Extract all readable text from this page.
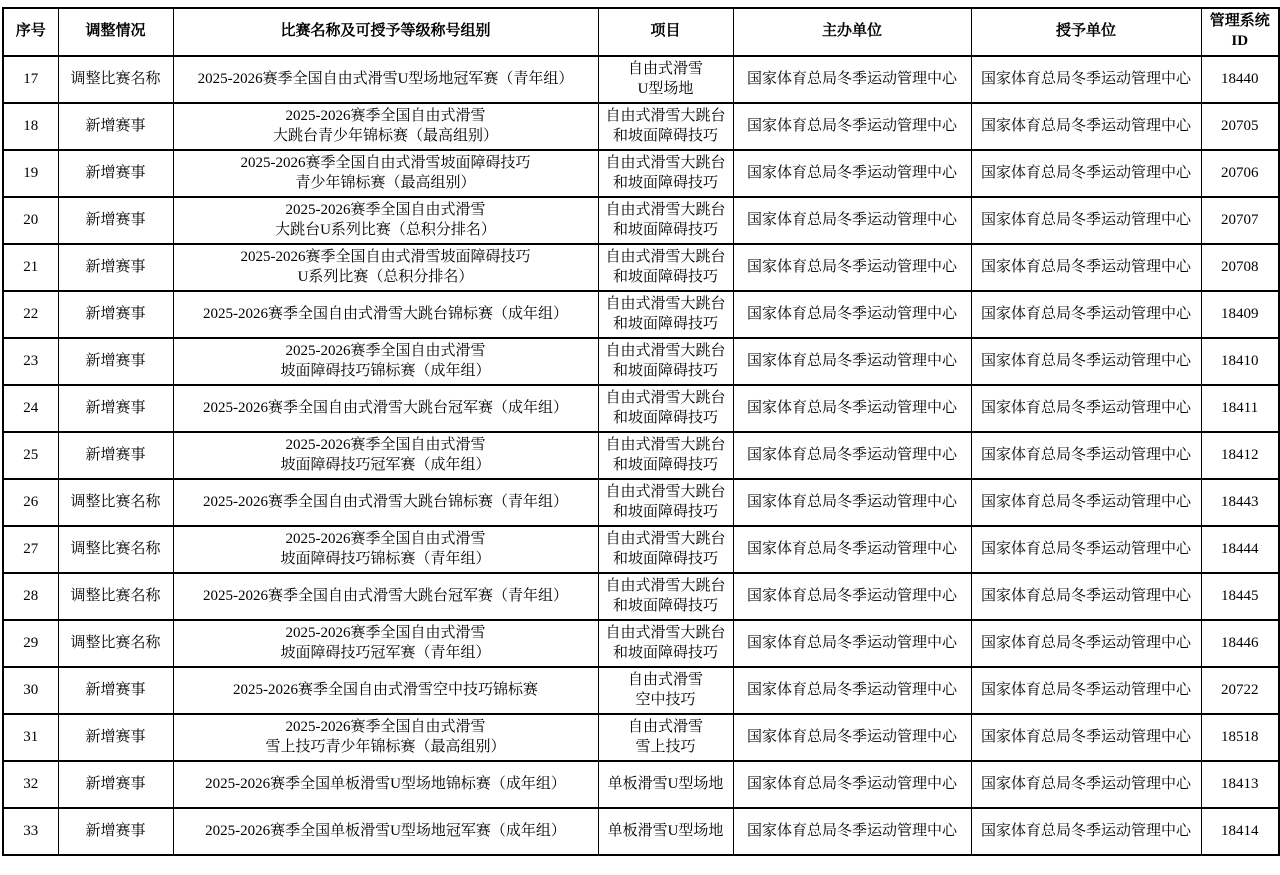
序号	调整情况	比赛名称及可授予等级称号组别	项目	主办单位	授予单位	管理系统
ID

17	调整比赛名称	2025-2026赛季全国自由式滑雪U型场地冠军赛（青年组）	自由式滑雪
U型场地	国家体育总局冬季运动管理中心	国家体育总局冬季运动管理中心	18440

18	新增赛事	2025-2026赛季全国自由式滑雪
大跳台青少年锦标赛（最高组别）	自由式滑雪大跳台
和坡面障碍技巧	国家体育总局冬季运动管理中心	国家体育总局冬季运动管理中心	20705

19	新增赛事	2025-2026赛季全国自由式滑雪坡面障碍技巧
青少年锦标赛（最高组别）	自由式滑雪大跳台
和坡面障碍技巧	国家体育总局冬季运动管理中心	国家体育总局冬季运动管理中心	20706

20	新增赛事	2025-2026赛季全国自由式滑雪
大跳台U系列比赛（总积分排名）	自由式滑雪大跳台
和坡面障碍技巧	国家体育总局冬季运动管理中心	国家体育总局冬季运动管理中心	20707

21	新增赛事	2025-2026赛季全国自由式滑雪坡面障碍技巧
U系列比赛（总积分排名）	自由式滑雪大跳台
和坡面障碍技巧	国家体育总局冬季运动管理中心	国家体育总局冬季运动管理中心	20708

22	新增赛事	2025-2026赛季全国自由式滑雪大跳台锦标赛（成年组）	自由式滑雪大跳台
和坡面障碍技巧	国家体育总局冬季运动管理中心	国家体育总局冬季运动管理中心	18409

23	新增赛事	2025-2026赛季全国自由式滑雪
坡面障碍技巧锦标赛（成年组）	自由式滑雪大跳台
和坡面障碍技巧	国家体育总局冬季运动管理中心	国家体育总局冬季运动管理中心	18410

24	新增赛事	2025-2026赛季全国自由式滑雪大跳台冠军赛（成年组）	自由式滑雪大跳台
和坡面障碍技巧	国家体育总局冬季运动管理中心	国家体育总局冬季运动管理中心	18411

25	新增赛事	2025-2026赛季全国自由式滑雪
坡面障碍技巧冠军赛（成年组）	自由式滑雪大跳台
和坡面障碍技巧	国家体育总局冬季运动管理中心	国家体育总局冬季运动管理中心	18412

26	调整比赛名称	2025-2026赛季全国自由式滑雪大跳台锦标赛（青年组）	自由式滑雪大跳台
和坡面障碍技巧	国家体育总局冬季运动管理中心	国家体育总局冬季运动管理中心	18443

27	调整比赛名称	2025-2026赛季全国自由式滑雪
坡面障碍技巧锦标赛（青年组）	自由式滑雪大跳台
和坡面障碍技巧	国家体育总局冬季运动管理中心	国家体育总局冬季运动管理中心	18444

28	调整比赛名称	2025-2026赛季全国自由式滑雪大跳台冠军赛（青年组）	自由式滑雪大跳台
和坡面障碍技巧	国家体育总局冬季运动管理中心	国家体育总局冬季运动管理中心	18445

29	调整比赛名称	2025-2026赛季全国自由式滑雪
坡面障碍技巧冠军赛（青年组）	自由式滑雪大跳台
和坡面障碍技巧	国家体育总局冬季运动管理中心	国家体育总局冬季运动管理中心	18446

30	新增赛事	2025-2026赛季全国自由式滑雪空中技巧锦标赛	自由式滑雪
空中技巧	国家体育总局冬季运动管理中心	国家体育总局冬季运动管理中心	20722

31	新增赛事	2025-2026赛季全国自由式滑雪
雪上技巧青少年锦标赛（最高组别）	自由式滑雪
雪上技巧	国家体育总局冬季运动管理中心	国家体育总局冬季运动管理中心	18518

32	新增赛事	2025-2026赛季全国单板滑雪U型场地锦标赛（成年组）	单板滑雪U型场地	国家体育总局冬季运动管理中心	国家体育总局冬季运动管理中心	18413

33	新增赛事	2025-2026赛季全国单板滑雪U型场地冠军赛（成年组）	单板滑雪U型场地	国家体育总局冬季运动管理中心	国家体育总局冬季运动管理中心	18414
